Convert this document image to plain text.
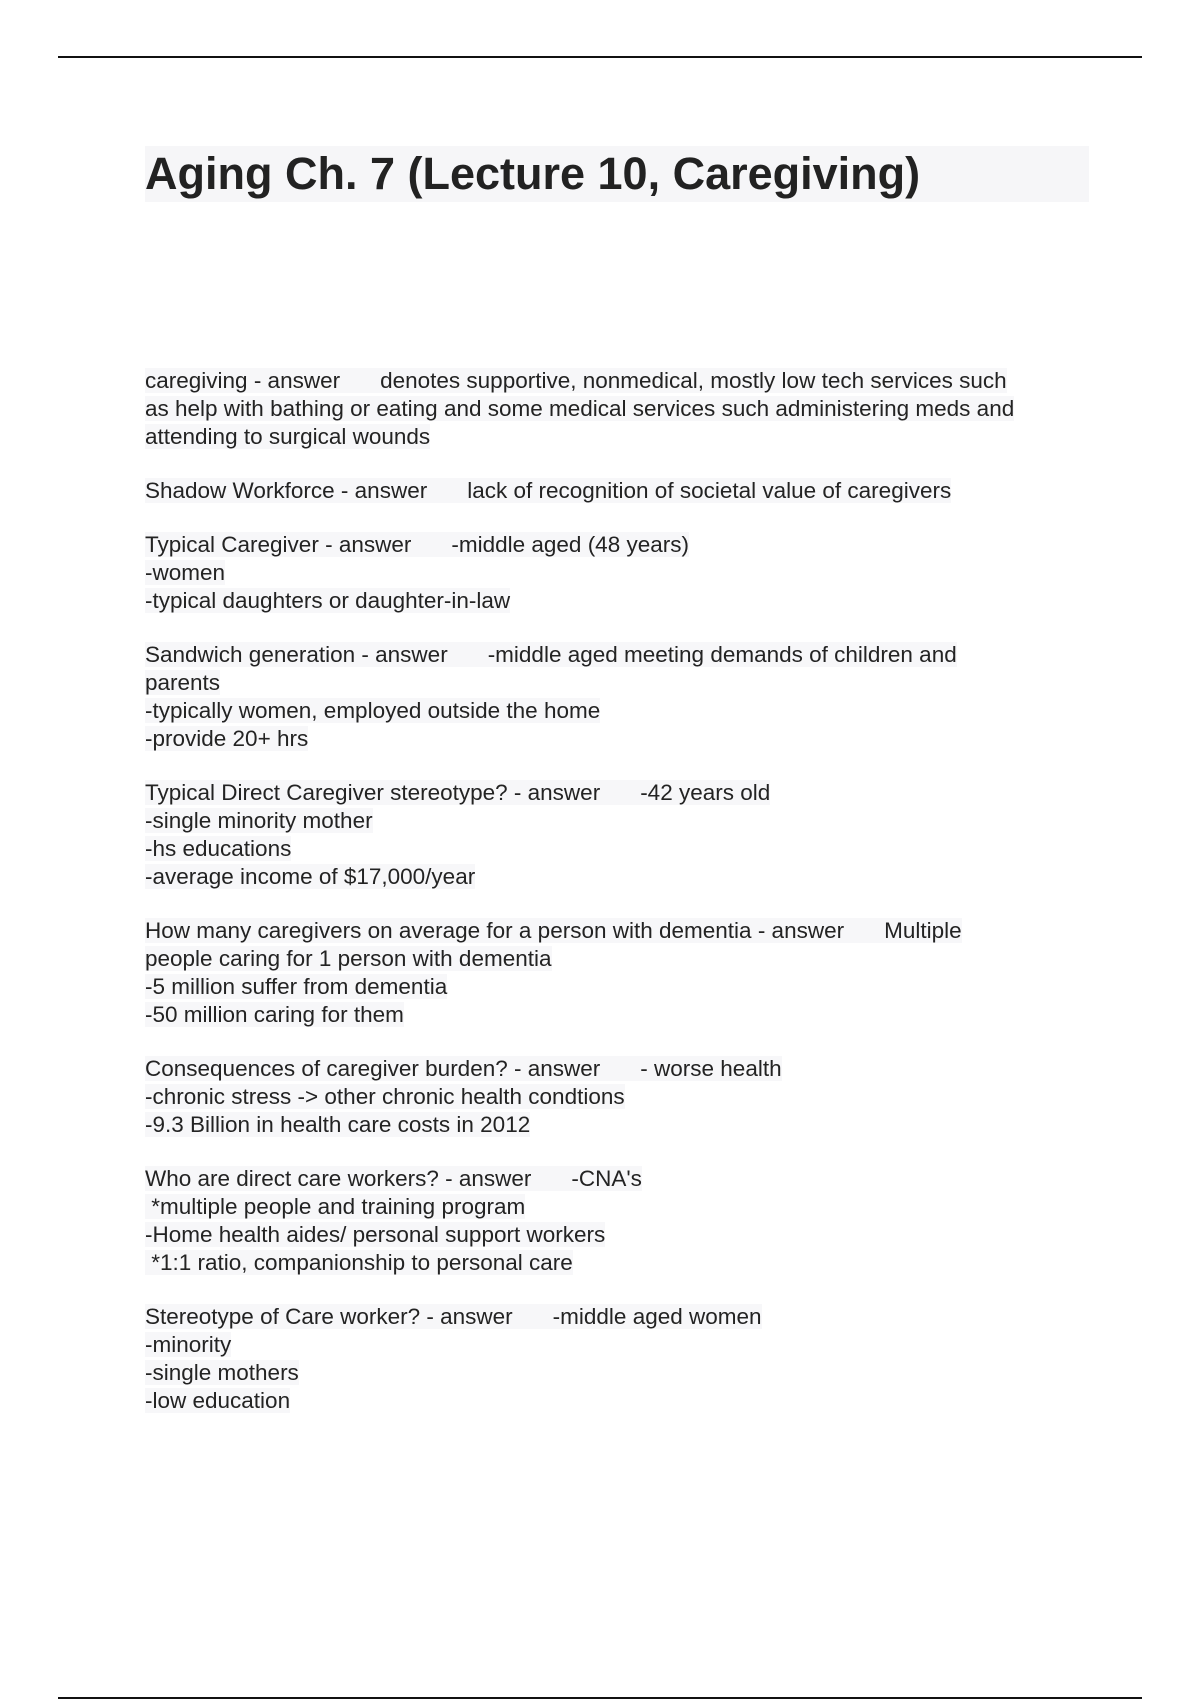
Aging Ch. 7 (Lecture 10, Caregiving)
caregiving - answer denotes supportive, nonmedical, mostly low tech services such
as help with bathing or eating and some medical services such administering meds and
attending to surgical wounds
Shadow Workforce - answer lack of recognition of societal value of caregivers
Typical Caregiver - answer -middle aged (48 years)
-women
-typical daughters or daughter-in-law
Sandwich generation - answer -middle aged meeting demands of children and
parents
-typically women, employed outside the home
-provide 20+ hrs
Typical Direct Caregiver stereotype? - answer -42 years old
-single minority mother
-hs educations
-average income of $17,000/year
How many caregivers on average for a person with dementia - answer Multiple
people caring for 1 person with dementia
-5 million suffer from dementia
-50 million caring for them
Consequences of caregiver burden? - answer - worse health
-chronic stress -> other chronic health condtions
-9.3 Billion in health care costs in 2012
Who are direct care workers? - answer -CNA's
*multiple people and training program
-Home health aides/ personal support workers
*1:1 ratio, companionship to personal care
Stereotype of Care worker? - answer -middle aged women
-minority
-single mothers
-low education
